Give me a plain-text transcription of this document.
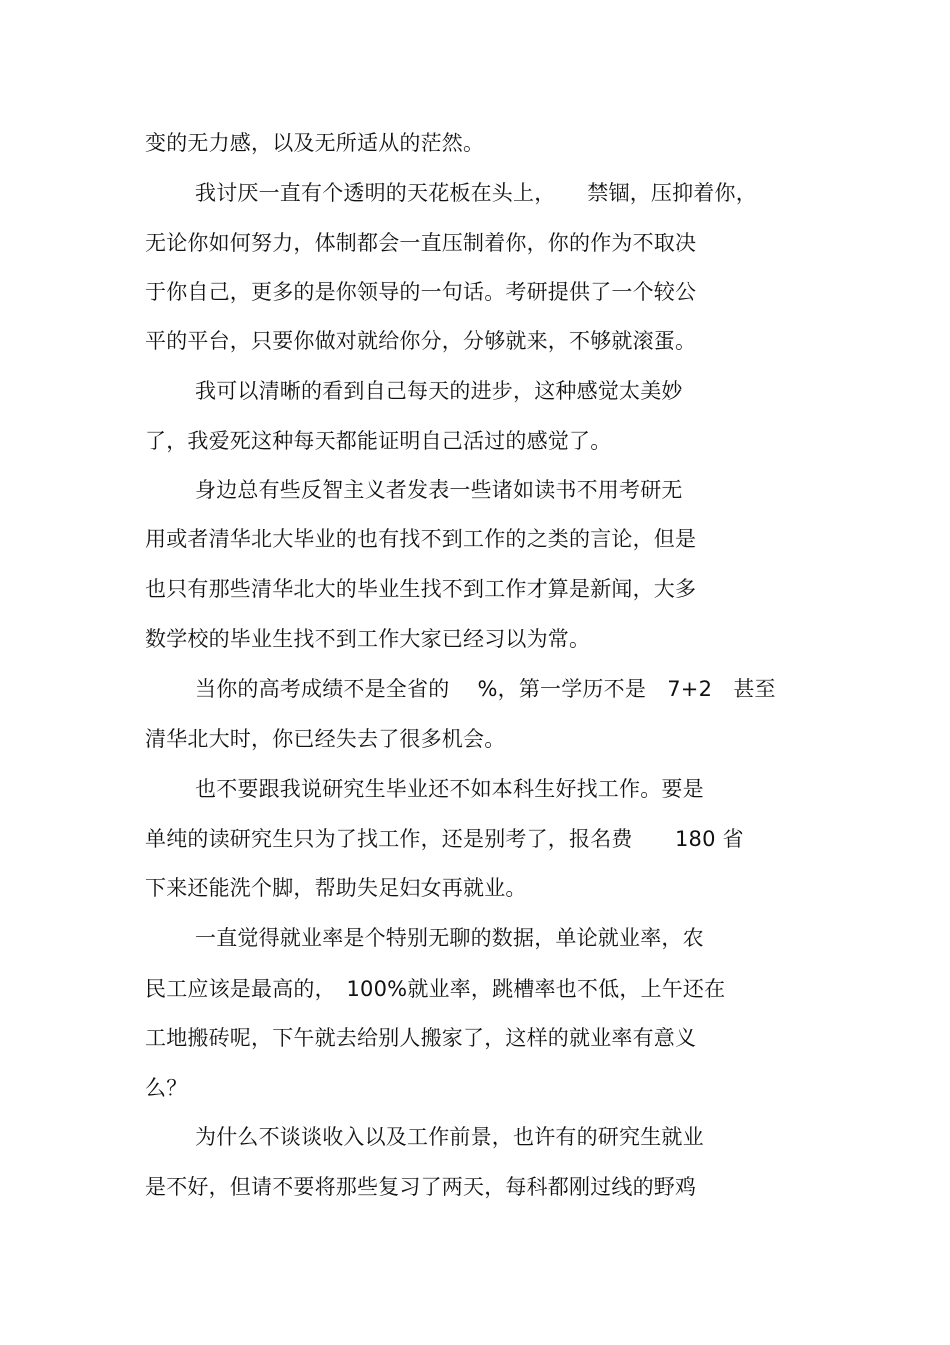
变的无力感，以及无所适从的茫然。
我讨厌一直有个透明的天花板在头上，　　禁锢，压抑着你，
无论你如何努力，体制都会一直压制着你，你的作为不取决
于你自己，更多的是你领导的一句话。考研提供了一个较公
平的平台，只要你做对就给你分，分够就来，不够就滚蛋。
我可以清晰的看到自己每天的进步，这种感觉太美妙
了，我爱死这种每天都能证明自己活过的感觉了。
身边总有些反智主义者发表一些诸如读书不用考研无
用或者清华北大毕业的也有找不到工作的之类的言论，但是
也只有那些清华北大的毕业生找不到工作才算是新闻，大多
数学校的毕业生找不到工作大家已经习以为常。
当你的高考成绩不是全省的　 %，第一学历不是　7+2　甚至
清华北大时，你已经失去了很多机会。
也不要跟我说研究生毕业还不如本科生好找工作。要是
单纯的读研究生只为了找工作，还是别考了，报名费　　180 省
下来还能洗个脚，帮助失足妇女再就业。
一直觉得就业率是个特别无聊的数据，单论就业率，农
民工应该是最高的，　100%就业率，跳槽率也不低，上午还在
工地搬砖呢，下午就去给别人搬家了，这样的就业率有意义
么？
为什么不谈谈收入以及工作前景，也许有的研究生就业
是不好，但请不要将那些复习了两天，每科都刚过线的野鸡
